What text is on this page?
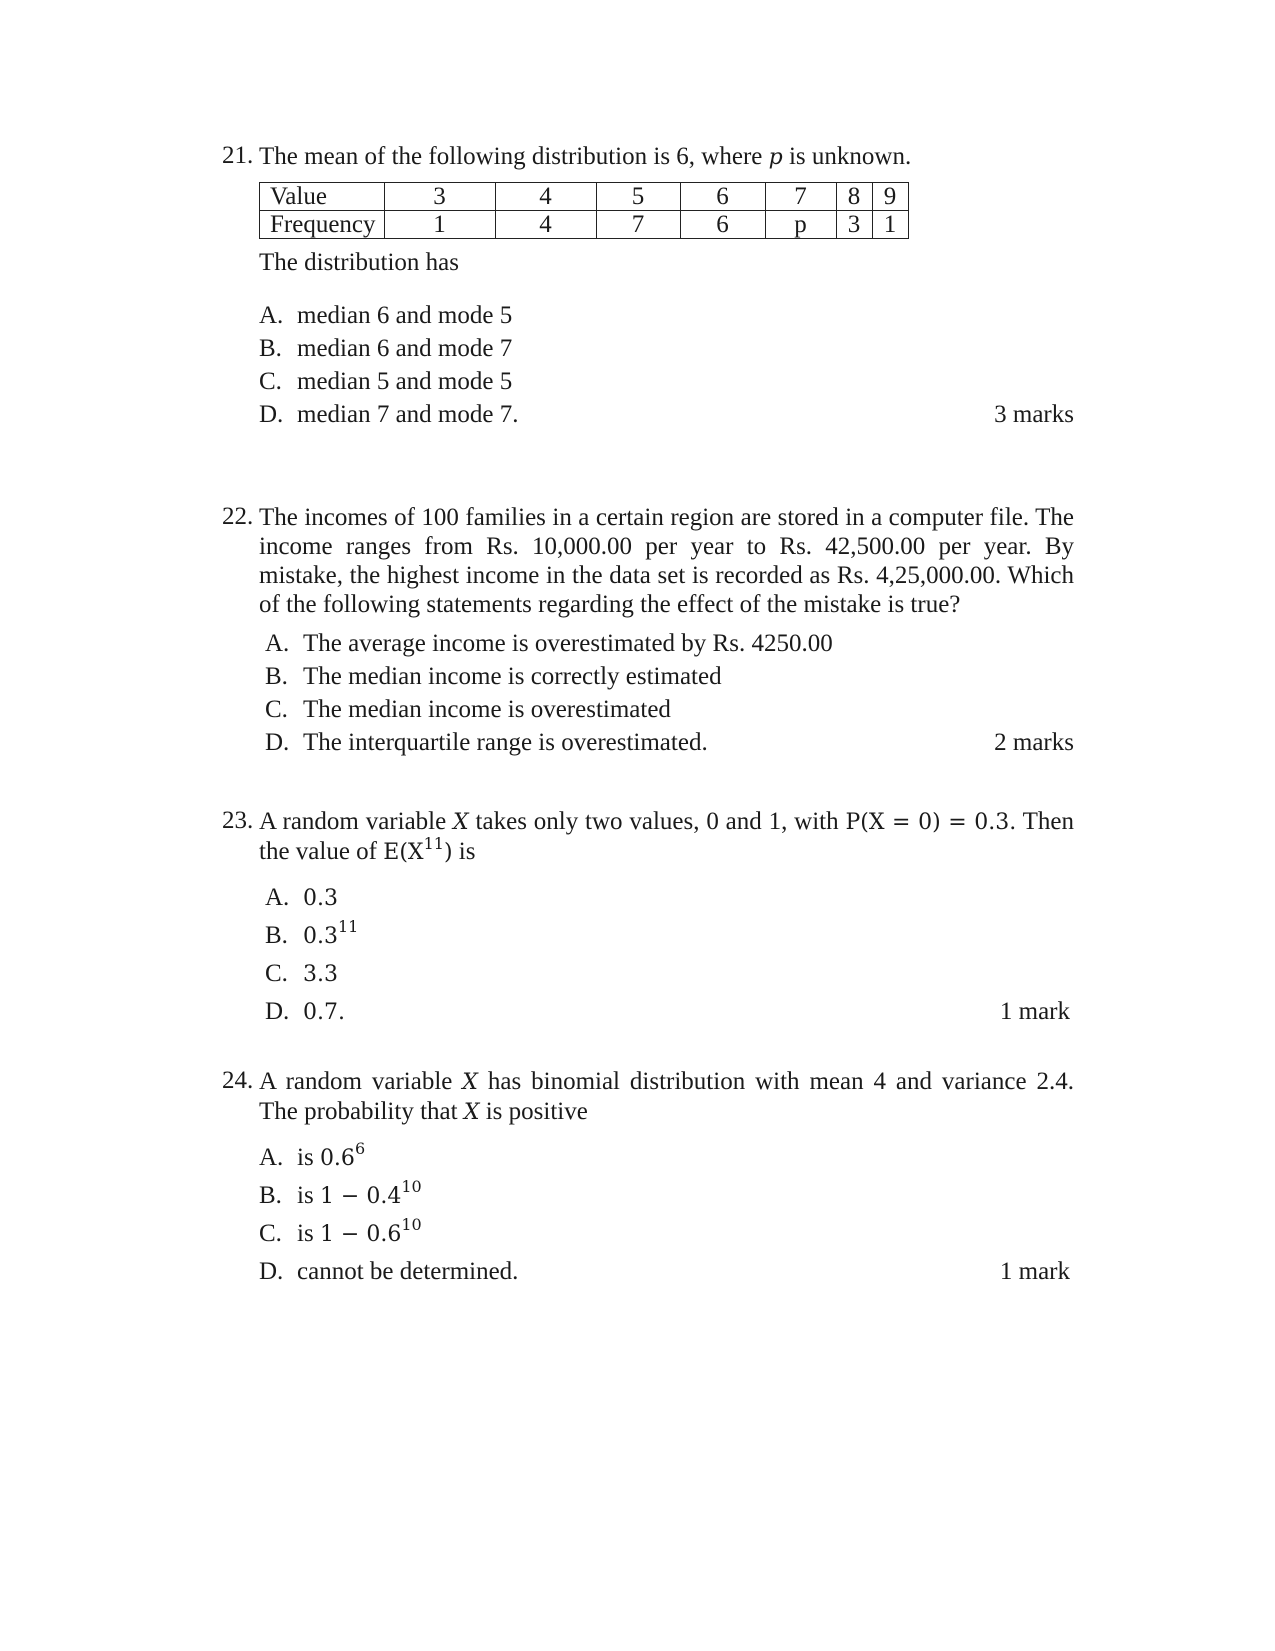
21. The mean of the following distribution is 6, where p is unknown.
Value	3	4	5	6	7	8	9
Frequency	1	4	7	6	p	3	1
The distribution has
A. median 6 and mode 5
B. median 6 and mode 7
C. median 5 and mode 5
D. median 7 and mode 7.	3 marks
22. The incomes of 100 families in a certain region are stored in a computer file. The income ranges from Rs. 10,000.00 per year to Rs. 42,500.00 per year. By mistake, the highest income in the data set is recorded as Rs. 4,25,000.00. Which of the following statements regarding the effect of the mistake is true?
A. The average income is overestimated by Rs. 4250.00
B. The median income is correctly estimated
C. The median income is overestimated
D. The interquartile range is overestimated.	2 marks
23. A random variable X takes only two values, 0 and 1, with P(X = 0) = 0.3. Then the value of $E(X^{11})$ is
A. 0.3
B. $0.3^{11}$
C. 3.3
D. 0.7.	1 mark
24. A random variable X has binomial distribution with mean 4 and variance 2.4. The probability that X is positive
A. is
$0.6^6$
B. is
$1 - 0.4^{10}$
C. is
$1 - 0.6^{10}$
D. cannot be determined.	1 mark
